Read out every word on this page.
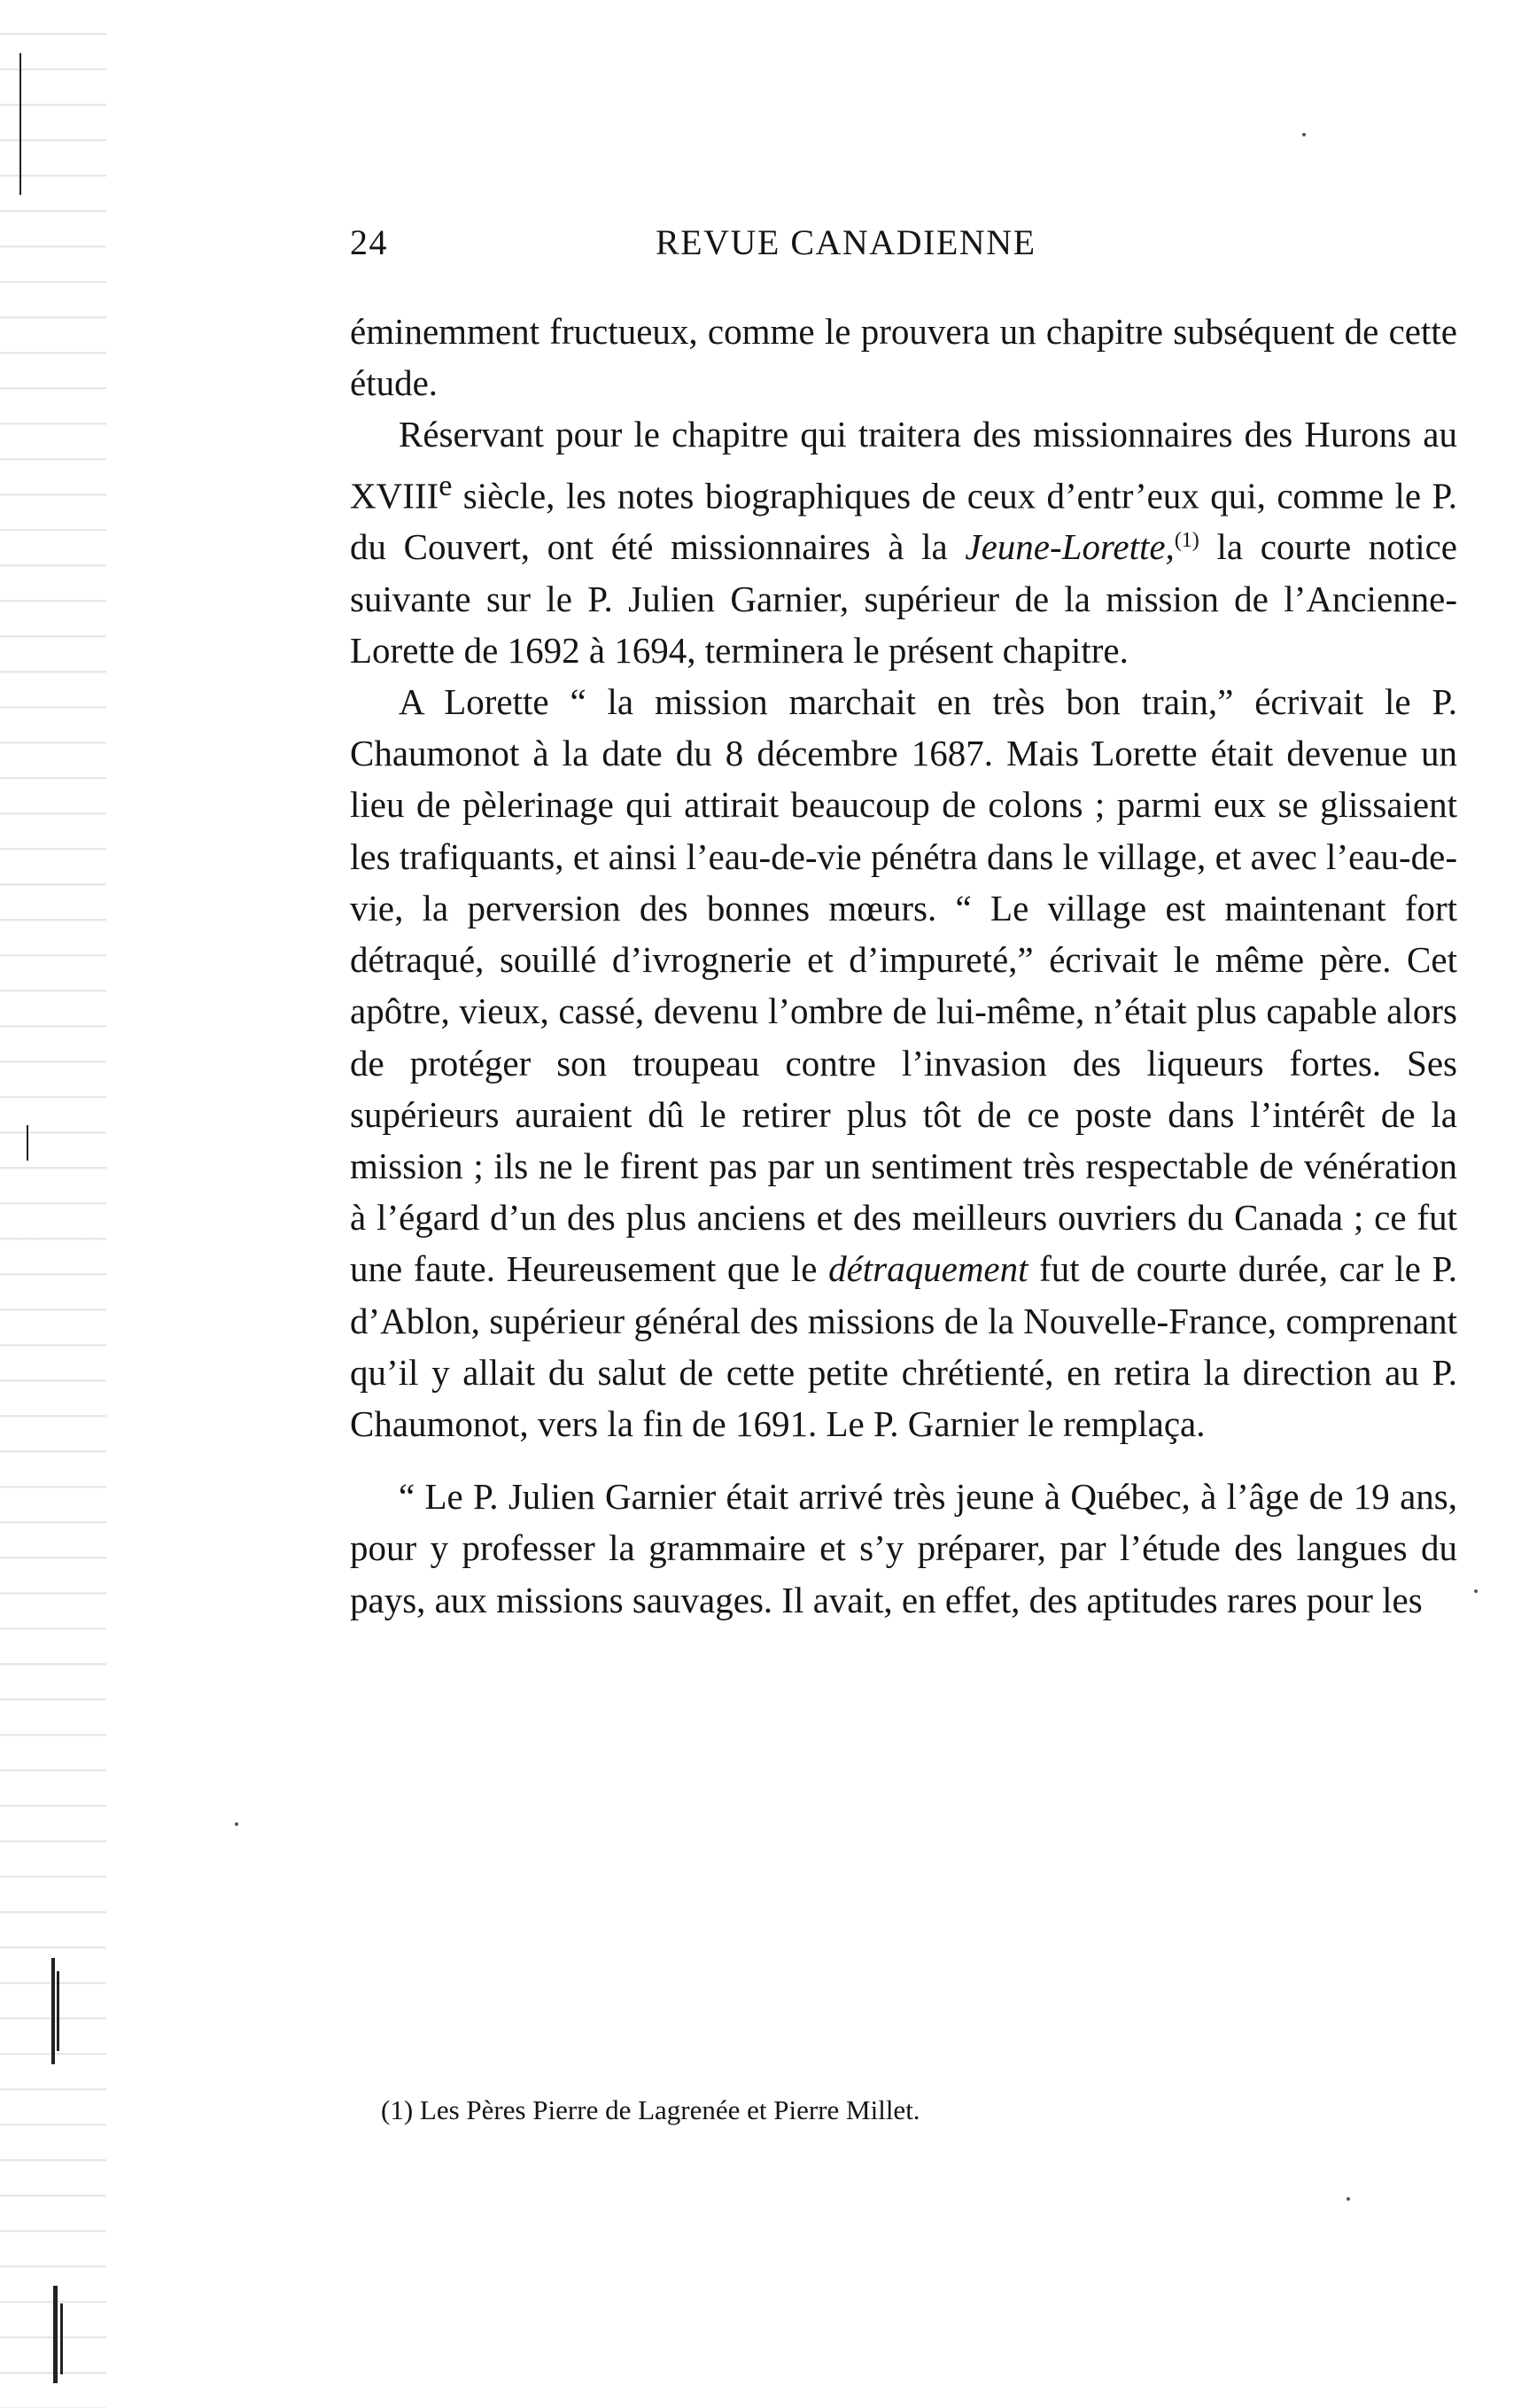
24	REVUE CANADIENNE

éminemment fructueux, comme le prouvera un chapitre subséquent de cette étude.

Réservant pour le chapitre qui traitera des missionnaires des Hurons au XVIIIe siècle, les notes biographiques de ceux d’entr’eux qui, comme le P. du Couvert, ont été missionnaires à la Jeune-Lorette,$^{(1)}$ la courte notice suivante sur le P. Julien Garnier, supérieur de la mission de l’Ancienne-Lorette de 1692 à 1694, terminera le présent chapitre.

A Lorette “ la mission marchait en très bon train,” écrivait le P. Chaumonot à la date du 8 décembre 1687. Mais Lorette était devenue un lieu de pèlerinage qui attirait beaucoup de colons ; parmi eux se glissaient les trafiquants, et ainsi l’eau-de-vie pénétra dans le village, et avec l’eau-de-vie, la perversion des bonnes mœurs. “ Le village est maintenant fort détraqué, souillé d’ivrognerie et d’impureté,” écrivait le même père. Cet apôtre, vieux, cassé, devenu l’ombre de lui-même, n’était plus capable alors de protéger son troupeau contre l’invasion des liqueurs fortes. Ses supérieurs auraient dû le retirer plus tôt de ce poste dans l’intérêt de la mission ; ils ne le firent pas par un sentiment très respectable de vénération à l’égard d’un des plus anciens et des meilleurs ouvriers du Canada ; ce fut une faute. Heureusement que le détraquement fut de courte durée, car le P. d’Ablon, supérieur général des missions de la Nouvelle-France, comprenant qu’il y allait du salut de cette petite chrétienté, en retira la direction au P. Chaumonot, vers la fin de 1691. Le P. Garnier le remplaça.

“ Le P. Julien Garnier était arrivé très jeune à Québec, à l’âge de 19 ans, pour y professer la grammaire et s’y préparer, par l’étude des langues du pays, aux missions sauvages. Il avait, en effet, des aptitudes rares pour les

(1) Les Pères Pierre de Lagrenée et Pierre Millet.
